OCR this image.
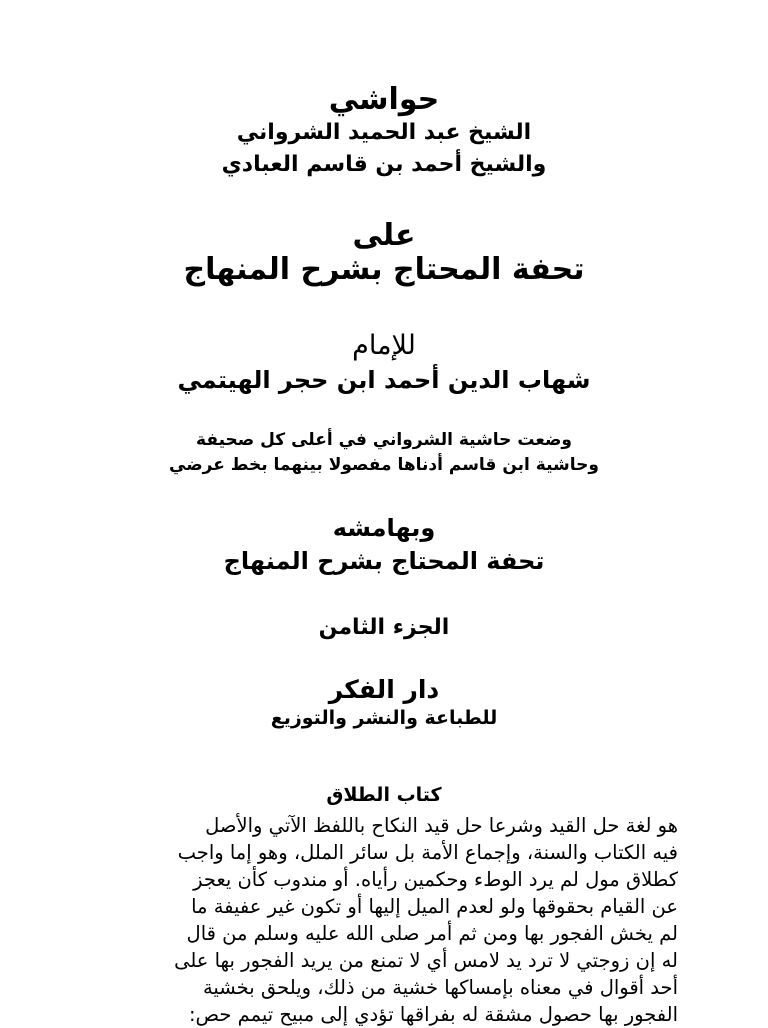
حواشي
الشيخ عبد الحميد الشرواني
والشيخ أحمد بن قاسم العبادي
على
تحفة المحتاج بشرح المنهاج
للإمام
شهاب الدين أحمد ابن حجر الهيتمي
وضعت حاشية الشرواني في أعلى كل صحيفة
وحاشية ابن قاسم أدناها مفصولا بينهما بخط عرضي
وبهامشه
تحفة المحتاج بشرح المنهاج
الجزء الثامن
دار الفكر
للطباعة والنشر والتوزيع
كتاب الطلاق
هو لغة حل القيد وشرعا حل قيد النكاح باللفظ الآتي والأصل
فيه الكتاب والسنة، وإجماع الأمة بل سائر الملل، وهو إما واجب
كطلاق مول لم يرد الوطء وحكمين رأياه. أو مندوب كأن يعجز
عن القيام بحقوقها ولو لعدم الميل إليها أو تكون غير عفيفة ما
لم يخش الفجور بها ومن ثم أمر صلى الله عليه وسلم من قال
له إن زوجتي لا ترد يد لامس أي لا تمنع من يريد الفجور بها على
أحد أقوال في معناه بإمساكها خشية من ذلك، ويلحق بخشية
الفجور بها حصول مشقة له بفراقها تؤدي إلى مبيح تيمم حص:
